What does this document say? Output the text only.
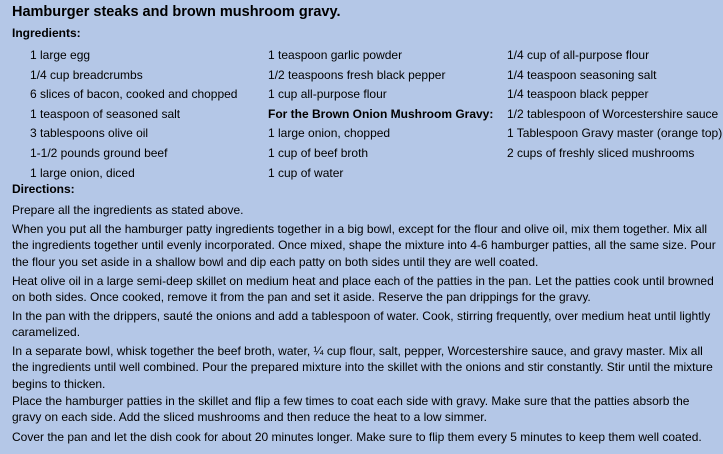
Hamburger steaks and brown mushroom gravy.
Ingredients:
1 large egg
1/4 cup breadcrumbs
6 slices of bacon, cooked and chopped
1 teaspoon of seasoned salt
3 tablespoons olive oil
1-1/2 pounds ground beef
1 large onion, diced
1 teaspoon garlic powder
1/2 teaspoons fresh black pepper
1 cup all-purpose flour
For the Brown Onion Mushroom Gravy:
1 large onion, chopped
1 cup of beef broth
1 cup of water
1/4 cup of all-purpose flour
1/4 teaspoon seasoning salt
1/4 teaspoon black pepper
1/2 tablespoon of Worcestershire sauce
1 Tablespoon Gravy master (orange top)
2 cups of freshly sliced mushrooms
Directions:
Prepare all the ingredients as stated above.
When you put all the hamburger patty ingredients together in a big bowl, except for the flour and olive oil, mix them together. Mix all the ingredients together until evenly incorporated. Once mixed, shape the mixture into 4-6 hamburger patties, all the same size. Pour the flour you set aside in a shallow bowl and dip each patty on both sides until they are well coated.
Heat olive oil in a large semi-deep skillet on medium heat and place each of the patties in the pan. Let the patties cook until browned on both sides. Once cooked, remove it from the pan and set it aside. Reserve the pan drippings for the gravy.
In the pan with the drippers, sauté the onions and add a tablespoon of water. Cook, stirring frequently, over medium heat until lightly caramelized.
In a separate bowl, whisk together the beef broth, water, ¼ cup flour, salt, pepper, Worcestershire sauce, and gravy master. Mix all the ingredients until well combined. Pour the prepared mixture into the skillet with the onions and stir constantly. Stir until the mixture begins to thicken.
Place the hamburger patties in the skillet and flip a few times to coat each side with gravy. Make sure that the patties absorb the gravy on each side. Add the sliced mushrooms and then reduce the heat to a low simmer.
Cover the pan and let the dish cook for about 20 minutes longer. Make sure to flip them every 5 minutes to keep them well coated.
